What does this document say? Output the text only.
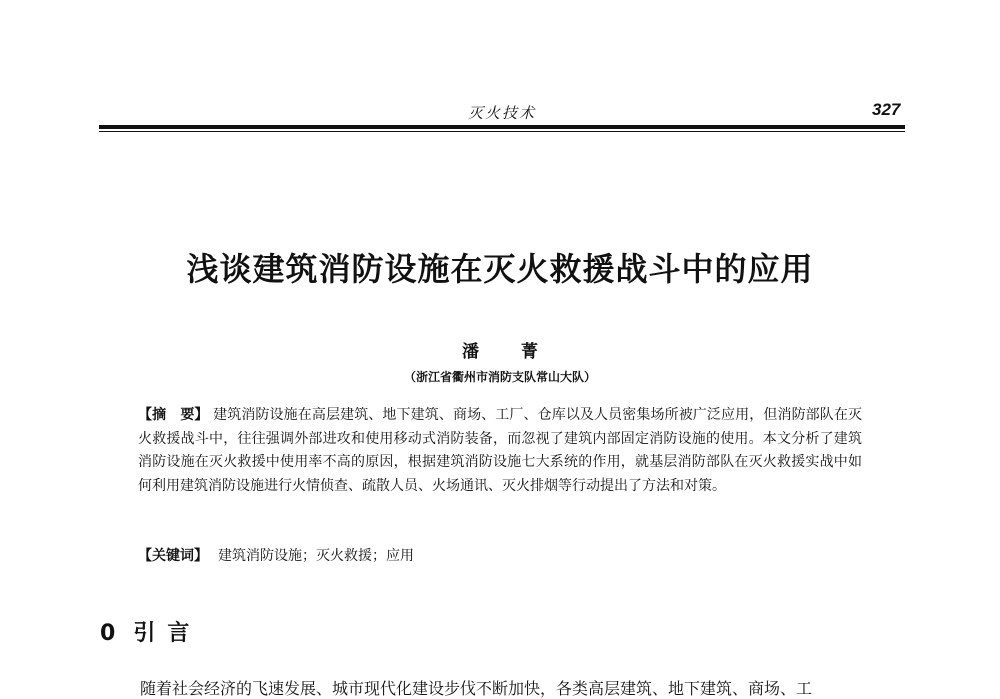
灭火技术	327
浅谈建筑消防设施在灭火救援战斗中的应用
潘 菁
（浙江省衢州市消防支队常山大队）
【摘　要】 建筑消防设施在高层建筑、地下建筑、商场、工厂、仓库以及人员密集场所被广泛应用，但消防部队在灭火救援战斗中，往往强调外部进攻和使用移动式消防装备，而忽视了建筑内部固定消防设施的使用。本文分析了建筑消防设施在灭火救援中使用率不高的原因，根据建筑消防设施七大系统的作用，就基层消防部队在灭火救援实战中如何利用建筑消防设施进行火情侦查、疏散人员、火场通讯、灭火排烟等行动提出了方法和对策。
【关键词】 建筑消防设施；灭火救援；应用
0 引言
随着社会经济的飞速发展、城市现代化建设步伐不断加快，各类高层建筑、地下建筑、商场、工
